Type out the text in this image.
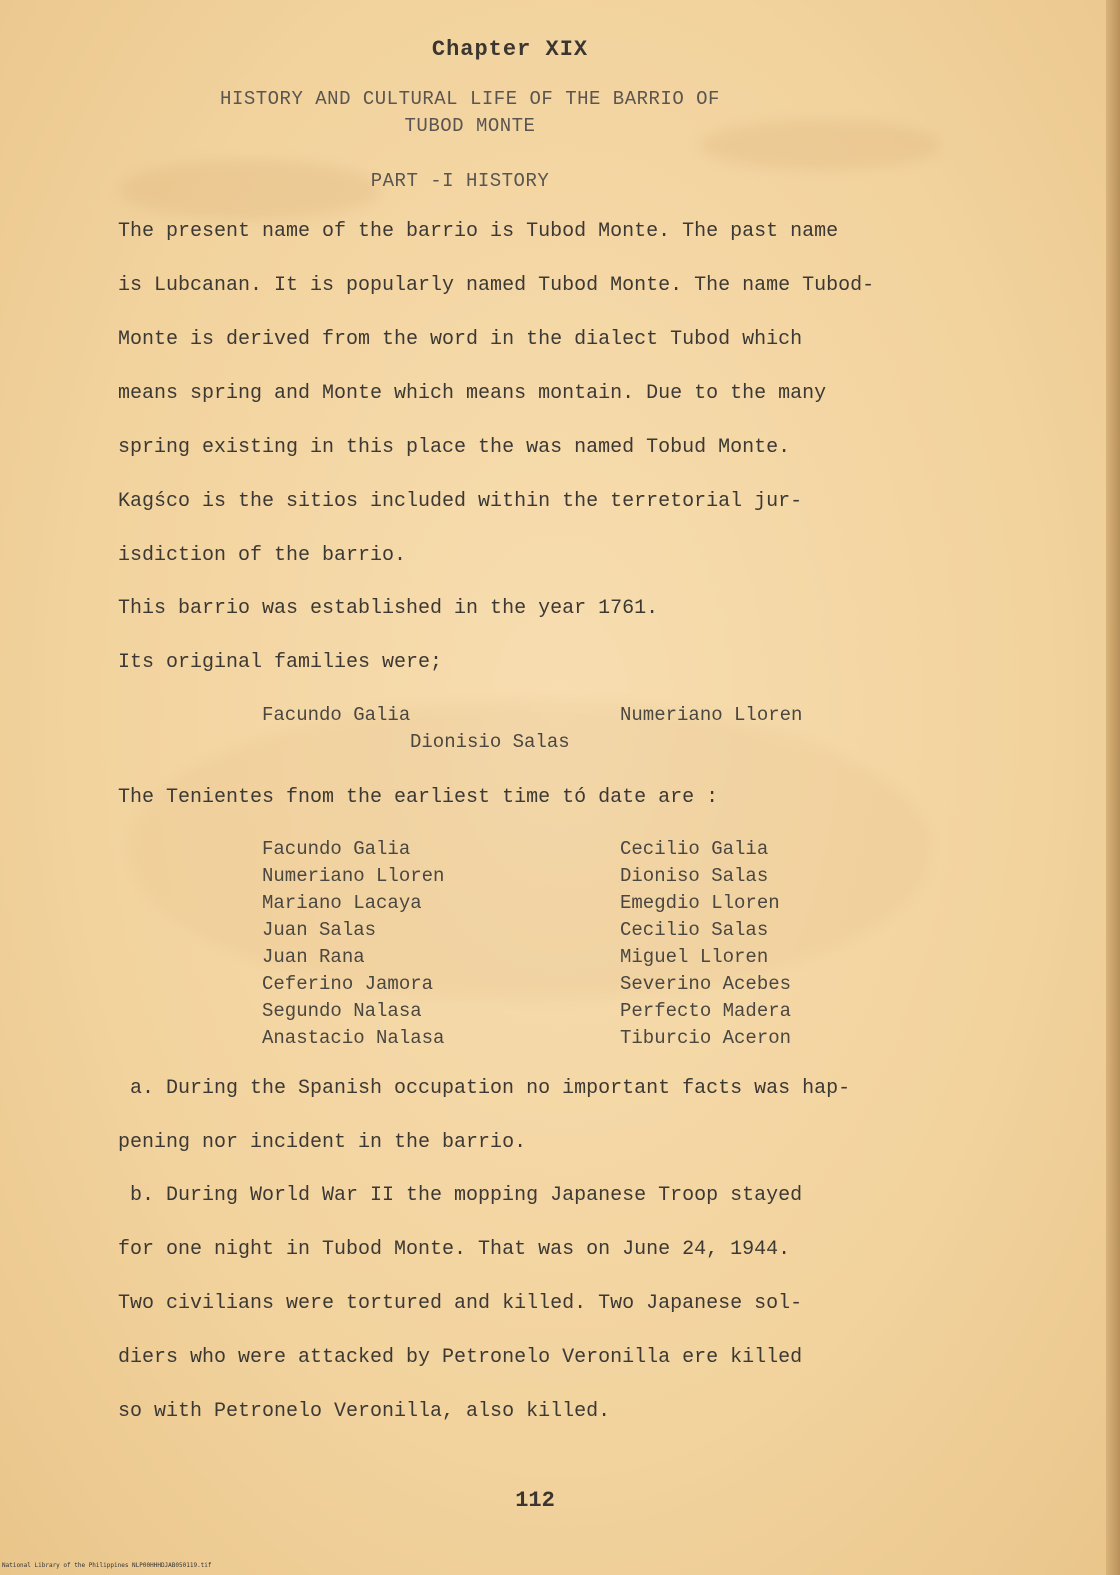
Chapter XIX
HISTORY AND CULTURAL LIFE OF THE BARRIO OF
TUBOD MONTE
PART -I HISTORY
The present name of the barrio is Tubod Monte. The past name
is Lubcanan. It is popularly named Tubod Monte. The name Tubod-
Monte is derived from the word in the dialect Tubod which
means spring and Monte which means montain. Due to the many
spring existing in this place the was named Tobud Monte.
Kagśco is the sitios included within the terretorial jur-
isdiction of the barrio.
This barrio was established in the year 1761.
Its original families were;
Facundo Galia	Numeriano Lloren
Dionisio Salas
The Tenientes fnom the earliest time tó date are :
Facundo Galia
Numeriano Lloren
Mariano Lacaya
Juan Salas
Juan Rana
Ceferino Jamora
Segundo Nalasa
Anastacio Nalasa
Cecilio Galia
Dioniso Salas
Emegdio Lloren
Cecilio Salas
Miguel Lloren
Severino Acebes
Perfecto Madera
Tiburcio Aceron
a. During the Spanish occupation no important facts was hap-
pening nor incident in the barrio.
b. During World War II the mopping Japanese Troop stayed
for one night in Tubod Monte. That was on June 24, 1944.
Two civilians were tortured and killed. Two Japanese sol-
diers who were attacked by Petronelo Veronilla ere killed
so with Petronelo Veronilla, also killed.
112
National Library of the Philippines NLP00HHHDJAB050119.tif
